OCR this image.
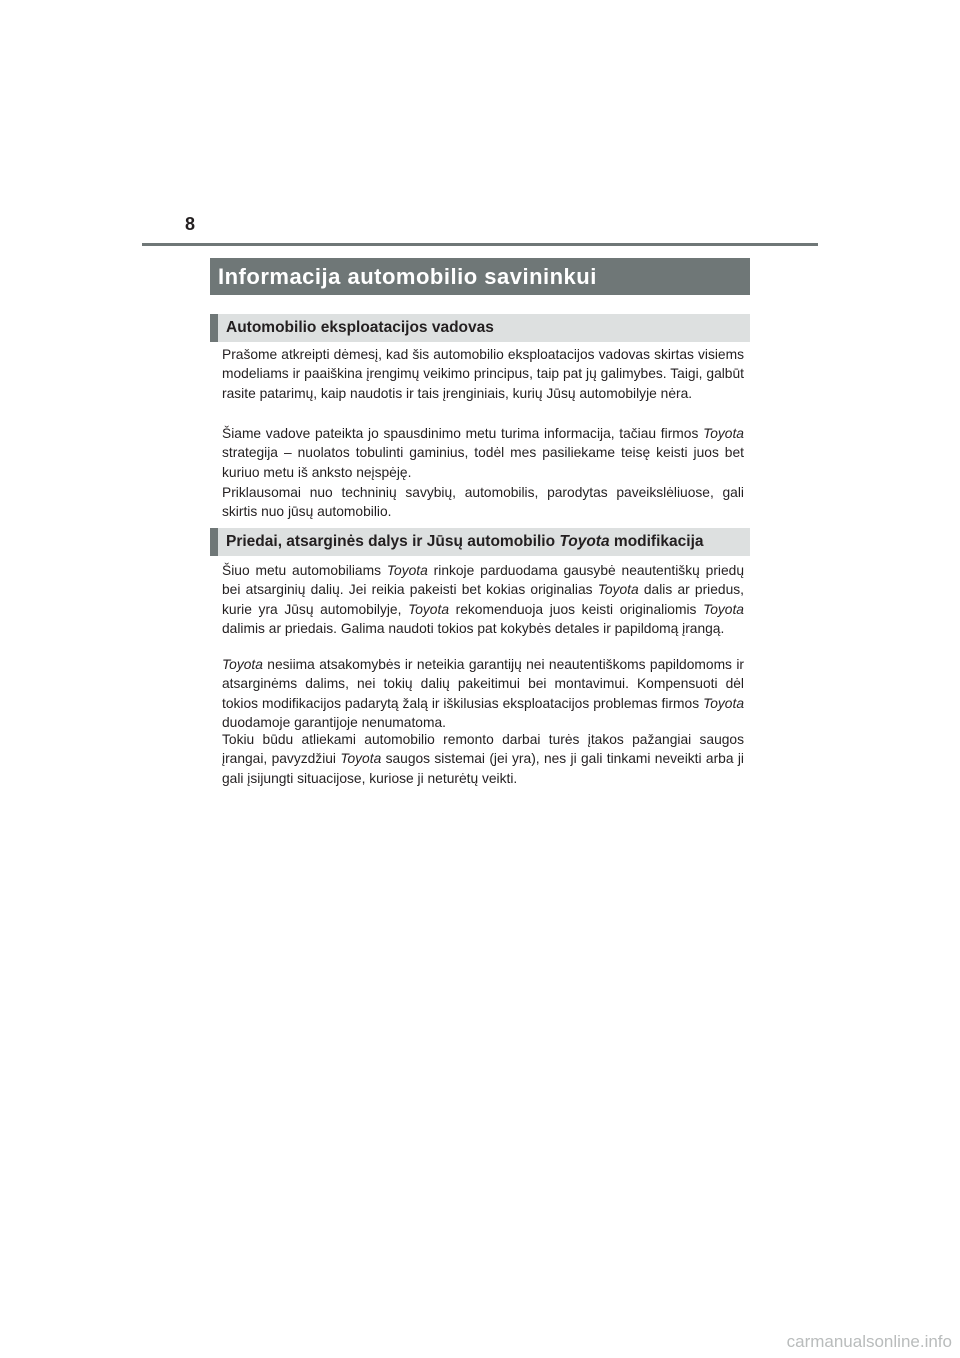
8
Informacija automobilio savininkui
Automobilio eksploatacijos vadovas

Prašome atkreipti dėmesį, kad šis automobilio eksploatacijos vadovas skirtas visiems modeliams ir paaiškina įrengimų veikimo principus, taip pat jų galimybes. Taigi, galbūt rasite patarimų, kaip naudotis ir tais įrenginiais, kurių Jūsų automobilyje nėra.

Šiame vadove pateikta jo spausdinimo metu turima informacija, tačiau firmos Toyota strategija – nuolatos tobulinti gaminius, todėl mes pasiliekame teisę keisti juos bet kuriuo metu iš anksto neįspėję.

Priklausomai nuo techninių savybių, automobilis, parodytas paveikslėliuose, gali skirtis nuo jūsų automobilio.

Priedai, atsarginės dalys ir Jūsų automobilio Toyota modifikacija

Šiuo metu automobiliams Toyota rinkoje parduodama gausybė neautentiškų priedų bei atsarginių dalių. Jei reikia pakeisti bet kokias originalias Toyota dalis ar priedus, kurie yra Jūsų automobilyje, Toyota rekomenduoja juos keisti originaliomis Toyota dalimis ar priedais. Galima naudoti tokios pat kokybės detales ir papildomą įrangą.

Toyota nesiima atsakomybės ir neteikia garantijų nei neautentiškoms papildomoms ir atsarginėms dalims, nei tokių dalių pakeitimui bei montavimui. Kompensuoti dėl tokios modifikacijos padarytą žalą ir iškilusias eksploatacijos problemas firmos Toyota duodamoje garantijoje nenumatoma.

Tokiu būdu atliekami automobilio remonto darbai turės įtakos pažangiai saugos įrangai, pavyzdžiui Toyota saugos sistemai (jei yra), nes ji gali tinkami neveikti arba ji gali įsijungti situacijose, kuriose ji neturėtų veikti.

carmanualsonline.info
